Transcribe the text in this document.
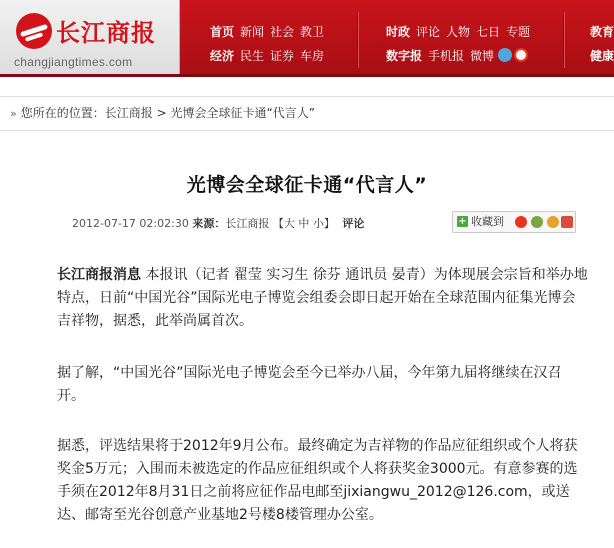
长江商报
changjiangtimes.com
首页 新闻 社会 教卫
经济 民生 证券 车房
时政 评论 人物 七日 专题
数字报 手机报 微博
教育
健康
» 您所在的位置：长江商报 > 光博会全球征卡通“代言人”
光博会全球征卡通“代言人”
2012-07-17 02:02:30 来源：长江商报 【大 中 小】 评论	+ 收藏到

长江商报消息 本报讯（记者 翟莹 实习生 徐芬 通讯员 晏青）为体现展会宗旨和举办地特点，日前“中国光谷”国际光电子博览会组委会即日起开始在全球范围内征集光博会吉祥物，据悉，此举尚属首次。

据了解，“中国光谷”国际光电子博览会至今已举办八届，今年第九届将继续在汉召开。

据悉，评选结果将于2012年9月公布。最终确定为吉祥物的作品应征组织或个人将获奖金5万元；入围而未被选定的作品应征组织或个人将获奖金3000元。有意参赛的选手须在2012年8月31日之前将应征作品电邮至jixiangwu_2012@126.com，或送达、邮寄至光谷创意产业基地2号楼8楼管理办公室。
